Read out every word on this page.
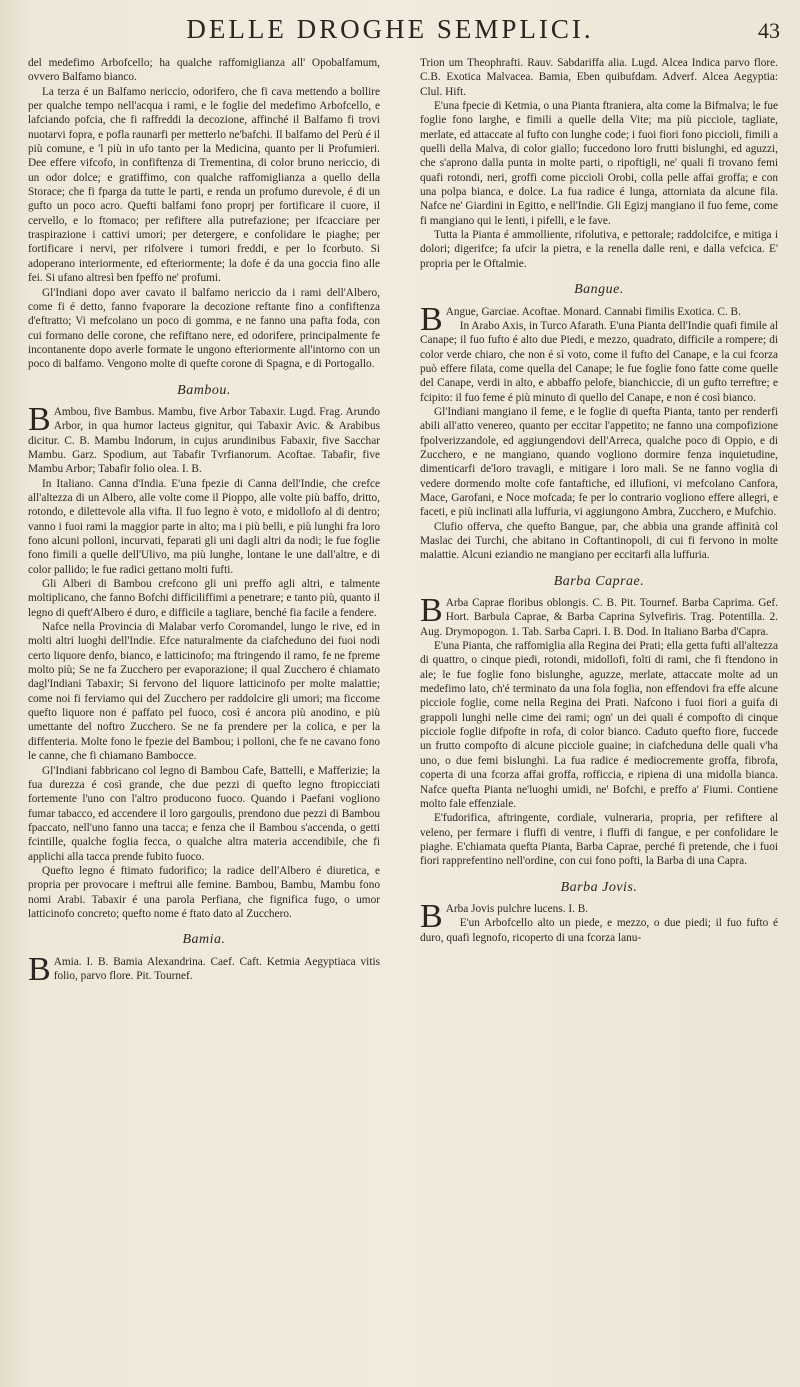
DELLE DROGHE SEMPLICI.	43

del medefimo Arbofcello; ha qualche raffomiglianza all' Opobalfamum, ovvero Balfamo bianco.

La terza é un Balfamo nericcio, odorifero, che fi cava mettendo a bollire per qualche tempo nell'acqua i rami, e le foglie del medefimo Arbofcello, e lafciando pofcia, che fi raffreddi la decozione, affinché il Balfamo fi trovi nuotarvi fopra, e pofla raunarfi per metterlo ne'bafchi. Il balfamo del Perù é il più comune, e 'l più in ufo tanto per la Medicina, quanto per li Profumieri. Dee effere vifcofo, in confiftenza di Trementina, di color bruno nericcio, di un odor dolce; e gratiffimo, con qualche raffomiglianza a quello della Storace; che fi fparga da tutte le parti, e renda un profumo durevole, é di un gufto un poco acro. Quefti balfami fono proprj per fortificare il cuore, il cervello, e lo ftomaco; per refiftere alla putrefazione; per ifcacciare per traspirazione i cattivi umori; per detergere, e confolidare le piaghe; per fortificare i nervi, per rifolvere i tumori freddi, e per lo fcorbuto. Si adoperano interiormente, ed efteriormente; la dofe é da una goccia fino alle fei. Si ufano altresì ben fpeffo ne' profumi.

Gl'Indiani dopo aver cavato il balfamo nericcio da i rami dell'Albero, come fi é detto, fanno fvaporare la decozione reftante fino a confiftenza d'eftratto; Vi mefcolano un poco di gomma, e ne fanno una pafta foda, con cui formano delle corone, che refiftano nere, ed odorifere, principalmente fe incontanente dopo averle formate le ungono efteriormente all'intorno con un poco di balfamo. Vengono molte di quefte corone di Spagna, e di Portogallo.

Bambou.

B Ambou, five Bambus. Mambu, five Arbor Tabaxir. Lugd. Frag. Arundo Arbor, in qua humor lacteus gignitur, qui Tabaxir Avic. & Arabibus dicitur. C. B. Mambu Indorum, in cujus arundinibus Fabaxir, five Sacchar Mambu. Garz. Spodium, aut Tabafir Tvrfianorum. Acoftae. Tabafir, five Mambu Arbor; Tabafir folio olea. I. B.

In Italiano. Canna d'India. E'una fpezie di Canna dell'Indie, che crefce all'altezza di un Albero, alle volte come il Pioppo, alle volte più baffo, dritto, rotondo, e dilettevole alla vifta. Il fuo legno è voto, e midollofo al di dentro; vanno i fuoi rami la maggior parte in alto; ma i più belli, e più lunghi fra loro fono alcuni polloni, incurvati, feparati gli uni dagli altri da nodi; le fue foglie fono fimili a quelle dell'Ulivo, ma più lunghe, lontane le une dall'altre, e di color pallido; le fue radici gettano molti fufti.

Gli Alberi di Bambou crefcono gli uni preffo agli altri, e talmente moltiplicano, che fanno Bofchi difficiliffimi a penetrare; e tanto più, quanto il legno di queft'Albero é duro, e difficile a tagliare, benché fia facile a fendere.

Nafce nella Provincia di Malabar verfo Coromandel, lungo le rive, ed in molti altri luoghi dell'Indie. Efce naturalmente da ciafcheduno dei fuoi nodi certo liquore denfo, bianco, e latticinofo; ma ftringendo il ramo, fe ne fpreme molto più; Se ne fa Zucchero per evaporazione; il qual Zucchero é chiamato dagl'Indiani Tabaxir; Si fervono del liquore latticinofo per molte malattie; come noi fi ferviamo qui del Zucchero per raddolcire gli umori; ma ficcome quefto liquore non é paffato pel fuoco, così é ancora più anodino, e più umettante del noftro Zucchero. Se ne fa prendere per la colica, e per la diffenteria. Molte fono le fpezie del Bambou; i polloni, che fe ne cavano fono le canne, che fi chiamano Bambocce.

Gl'Indiani fabbricano col legno di Bambou Cafe, Battelli, e Mafferizie; la fua durezza é così grande, che due pezzi di quefto legno ftropicciati fortemente l'uno con l'altro producono fuoco. Quando i Paefani vogliono fumar tabacco, ed accendere il loro gargoulis, prendono due pezzi di Bambou fpaccato, nell'uno fanno una tacca; e fenza che il Bambou s'accenda, o getti fcintille, qualche foglia fecca, o qualche altra materia accendibile, che fi applichi alla tacca prende fubito fuoco.

Quefto legno é ftimato fudorifico; la radice dell'Albero é diuretica, e propria per provocare i meftrui alle femine. Bambou, Bambu, Mambu fono nomi Arabi. Tabaxir é una parola Perfiana, che fignifica fugo, o umor latticinofo concreto; quefto nome é ftato dato al Zucchero.

Bamia.

B Amia. I. B. Bamia Alexandrina. Caef. Caft. Ketmia Aegyptiaca vitis folio, parvo flore. Pit. Tournef.

Trion um Theophrafti. Rauv. Sabdariffa alia. Lugd. Alcea Indica parvo flore. C.B. Exotica Malvacea. Bamia, Eben quibufdam. Adverf. Alcea Aegyptia: Clul. Hift.

E'una fpecie di Ketmia, o una Pianta ftraniera, alta come la Bifmalva; le fue foglie fono larghe, e fimili a quelle della Vite; ma più picciole, tagliate, merlate, ed attaccate al fufto con lunghe code; i fuoi fiori fono piccioli, fimili a quelli della Malva, di color giallo; fuccedono loro frutti bislunghi, ed aguzzi, che s'aprono dalla punta in molte parti, o ripoftigli, ne' quali fi trovano femi quafi rotondi, neri, groffi come piccioli Orobi, colla pelle affai groffa; e con una polpa bianca, e dolce. La fua radice é lunga, attorniata da alcune fila. Nafce ne' Giardini in Egitto, e nell'Indie. Gli Egizj mangiano il fuo feme, come fi mangiano qui le lenti, i pifelli, e le fave.

Tutta la Pianta é ammolliente, rifolutiva, e pettorale; raddolcifce, e mitiga i dolori; digerifce; fa ufcir la pietra, e la renella dalle reni, e dalla vefcica. E' propria per le Oftalmie.

Bangue.

B Angue, Garciae. Acoftae. Monard. Cannabi fimilis Exotica. C. B.

In Arabo Axis, in Turco Afarath. E'una Pianta dell'Indie quafi fimile al Canape; il fuo fufto é alto due Piedi, e mezzo, quadrato, difficile a rompere; di color verde chiaro, che non é sì voto, come il fufto del Canape, e la cui fcorza può effere filata, come quella del Canape; le fue foglie fono fatte come quelle del Canape, verdi in alto, e abbaffo pelofe, bianchiccie, di un gufto terreftre; e fcipito: il fuo feme é più minuto di quello del Canape, e non é così bianco.

Gl'Indiani mangiano il feme, e le foglie di quefta Pianta, tanto per renderfi abili all'atto venereo, quanto per eccitar l'appetito; ne fanno una compofizione fpolverizzandole, ed aggiungendovi dell'Arreca, qualche poco di Oppio, e di Zucchero, e ne mangiano, quando vogliono dormire fenza inquietudine, dimenticarfi de'loro travagli, e mitigare i loro mali. Se ne fanno voglia di vedere dormendo molte cofe fantaftiche, ed illufioni, vi mefcolano Canfora, Mace, Garofani, e Noce mofcada; fe per lo contrario vogliono effere allegri, e faceti, e più inclinati alla luffuria, vi aggiungono Ambra, Zucchero, e Mufchio.

Clufio offerva, che quefto Bangue, par, che abbia una grande affinità col Maslac dei Turchi, che abitano in Coftantinopoli, di cui fi fervono in molte malattie. Alcuni eziandio ne mangiano per eccitarfi alla luffuria.

Barba Caprae.

B Arba Caprae floribus oblongis. C. B. Pit. Tournef. Barba Caprima. Gef. Hort. Barbula Caprae, & Barba Caprina Sylvefiris. Trag. Potentilla. 2. Aug. Drymopogon. 1. Tab. Sarba Capri. I. B. Dod. In Italiano Barba d'Capra.

E'una Pianta, che raffomiglia alla Regina dei Prati; ella getta fufti all'altezza di quattro, o cinque piedi, rotondi, midollofi, folti di rami, che fi ftendono in ale; le fue foglie fono bislunghe, aguzze, merlate, attaccate molte ad un medefimo lato, ch'é terminato da una fola foglia, non effendovi fra effe alcune picciole foglie, come nella Regina dei Prati. Nafcono i fuoi fiori a guifa di grappoli lunghi nelle cime dei rami; ogn' un dei quali é compofto di cinque picciole foglie difpofte in rofa, di color bianco. Caduto quefto fiore, fuccede un frutto compofto di alcune picciole guaine; in ciafcheduna delle quali v'ha uno, o due femi bislunghi. La fua radice é mediocremente groffa, fibrofa, coperta di una fcorza affai groffa, rofficcia, e ripiena di una midolla bianca. Nafce quefta Pianta ne'luoghi umidi, ne' Bofchi, e preffo a' Fiumi. Contiene molto fale effenziale.

E'fudorifica, aftringente, cordiale, vulneraria, propria, per refiftere al veleno, per fermare i fluffi di ventre, i fluffi di fangue, e per confolidare le piaghe. E'chiamata quefta Pianta, Barba Caprae, perché fi pretende, che i fuoi fiori rapprefentino nell'ordine, con cui fono pofti, la Barba di una Capra.

Barba Jovis.

B Arba Jovis pulchre lucens. I. B.

E'un Arbofcello alto un piede, e mezzo, o due piedi; il fuo fufto é duro, quafi legnofo, ricoperto di una fcorza lanu-
